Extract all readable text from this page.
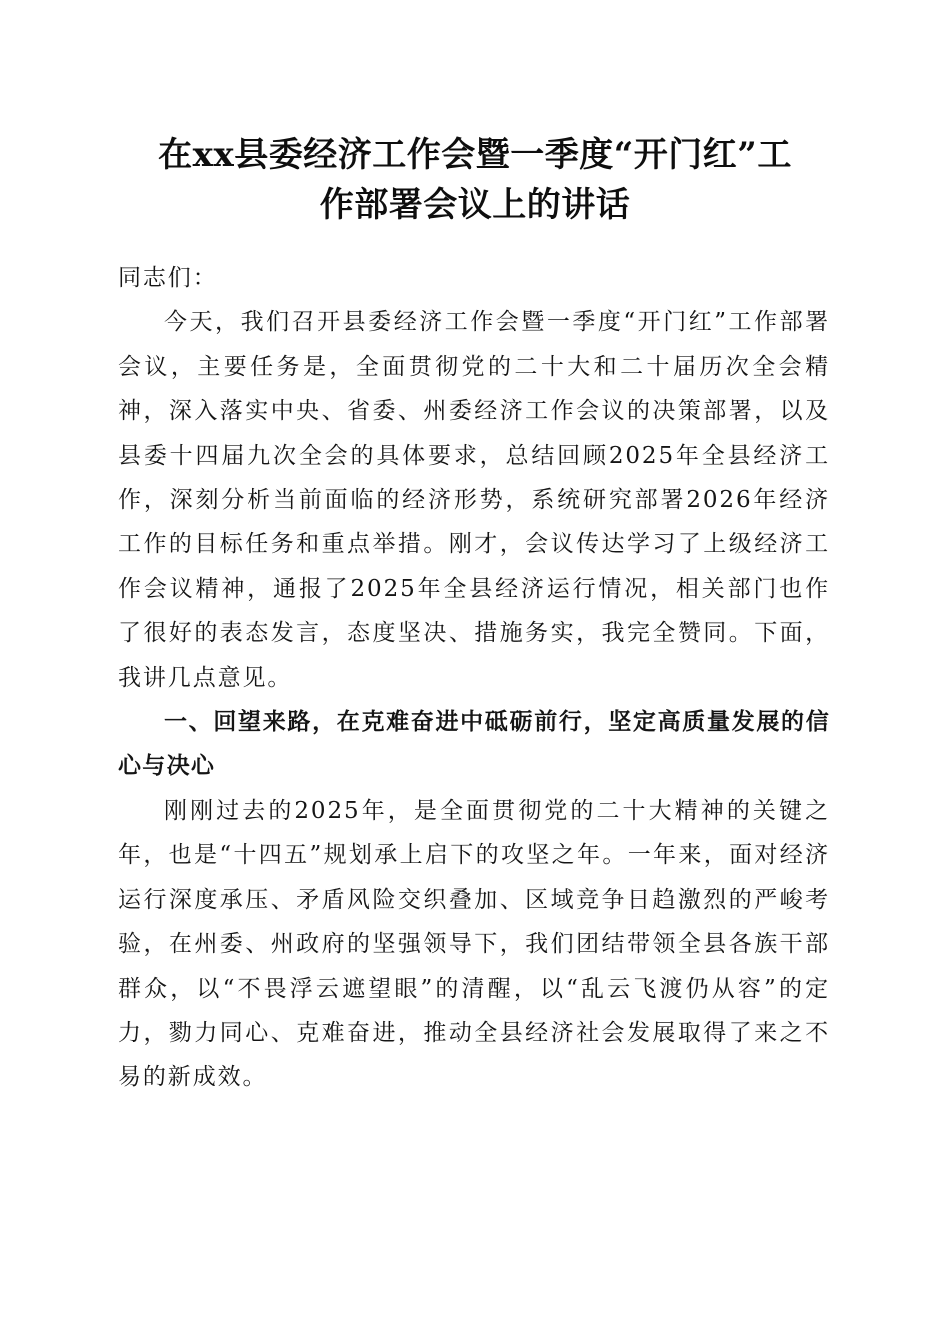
在xx县委经济工作会暨一季度“开门红”工
作部署会议上的讲话

同志们：

今天，我们召开县委经济工作会暨一季度“开门红”工作部署会议，主要任务是，全面贯彻党的二十大和二十届历次全会精神，深入落实中央、省委、州委经济工作会议的决策部署，以及县委十四届九次全会的具体要求，总结回顾2025年全县经济工作，深刻分析当前面临的经济形势，系统研究部署2026年经济工作的目标任务和重点举措。刚才，会议传达学习了上级经济工作会议精神，通报了2025年全县经济运行情况，相关部门也作了很好的表态发言，态度坚决、措施务实，我完全赞同。下面，我讲几点意见。

一、回望来路，在克难奋进中砥砺前行，坚定高质量发展的信心与决心

刚刚过去的2025年，是全面贯彻党的二十大精神的关键之年，也是“十四五”规划承上启下的攻坚之年。一年来，面对经济运行深度承压、矛盾风险交织叠加、区域竞争日趋激烈的严峻考验，在州委、州政府的坚强领导下，我们团结带领全县各族干部群众，以“不畏浮云遮望眼”的清醒，以“乱云飞渡仍从容”的定力，勠力同心、克难奋进，推动全县经济社会发展取得了来之不易的新成效。
